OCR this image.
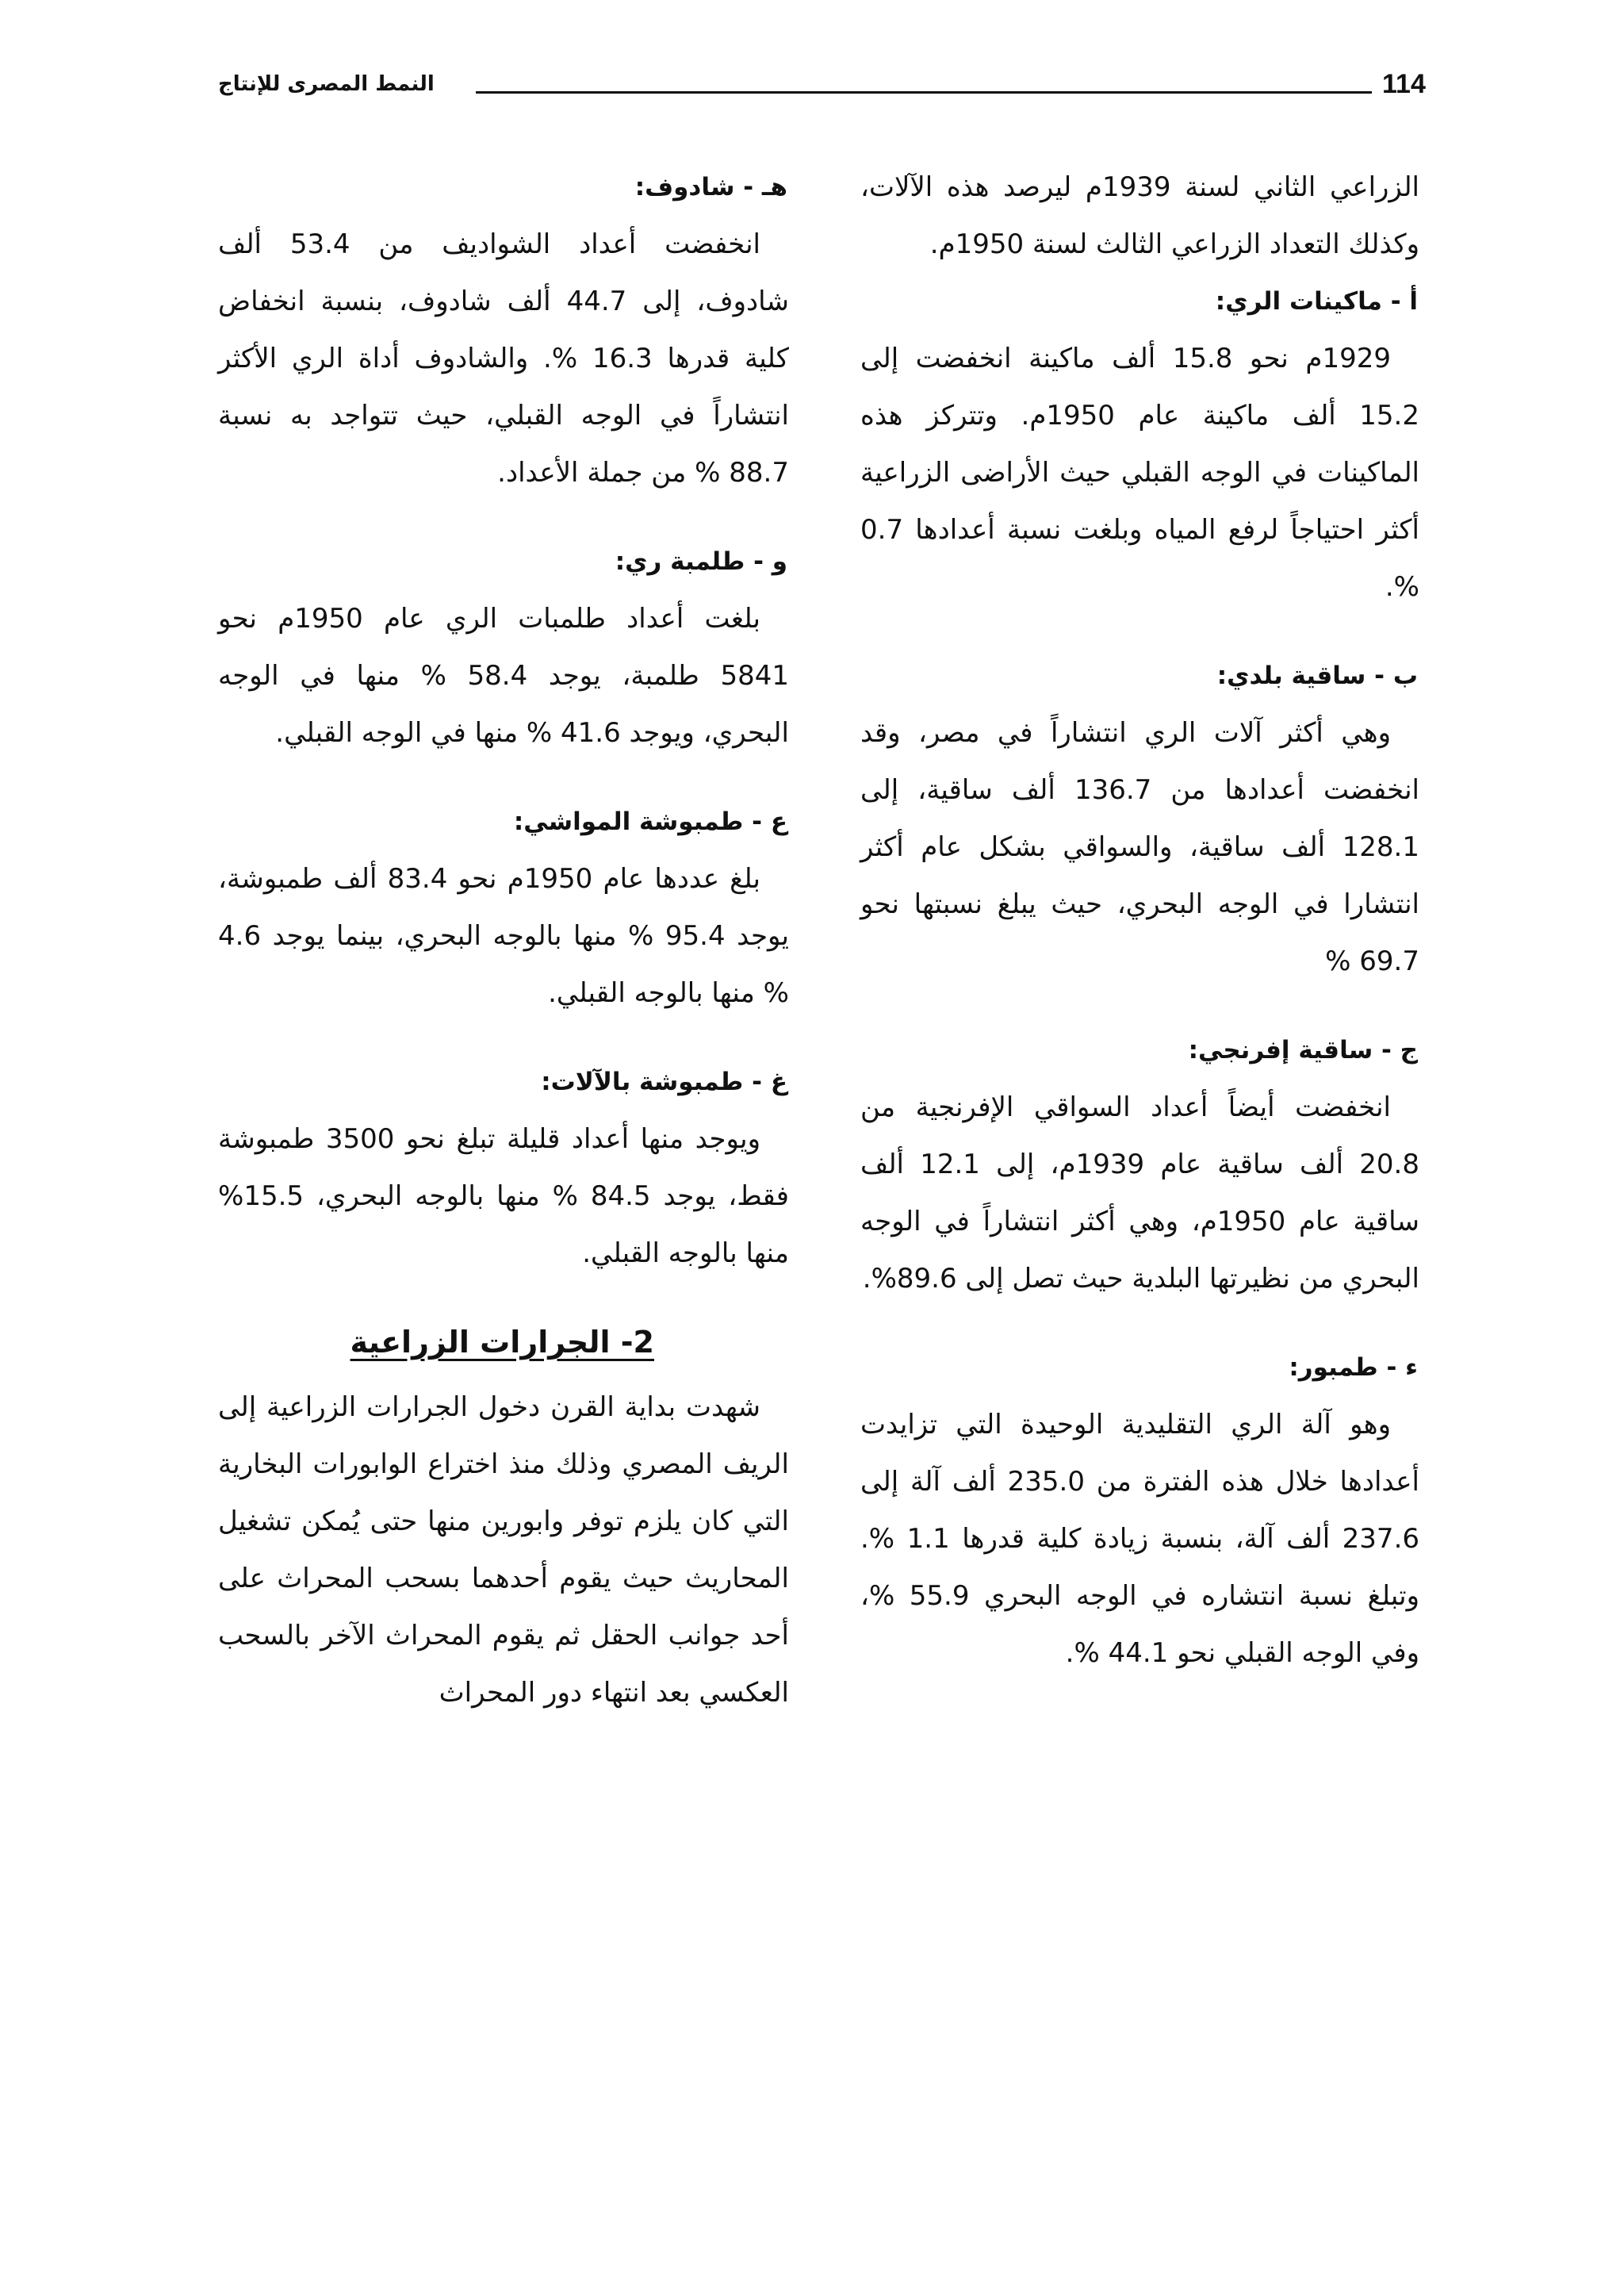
114
النمط المصرى للإنتاج

الزراعي الثاني لسنة 1939م ليرصد هذه الآلات، وكذلك التعداد الزراعي الثالث لسنة 1950م.

أ - ماكينات الري:

1929م نحو 15.8 ألف ماكينة انخفضت إلى 15.2 ألف ماكينة عام 1950م. وتتركز هذه الماكينات في الوجه القبلي حيث الأراضى الزراعية أكثر احتياجاً لرفع المياه وبلغت نسبة أعدادها 0.7 %.

ب - ساقية بلدي:

وهي أكثر آلات الري انتشاراً في مصر، وقد انخفضت أعدادها من 136.7 ألف ساقية، إلى 128.1 ألف ساقية، والسواقي بشكل عام أكثر انتشارا في الوجه البحري، حيث يبلغ نسبتها نحو 69.7 %

ج - ساقية إفرنجي:

انخفضت أيضاً أعداد السواقي الإفرنجية من 20.8 ألف ساقية عام 1939م، إلى 12.1 ألف ساقية عام 1950م، وهي أكثر انتشاراً في الوجه البحري من نظيرتها البلدية حيث تصل إلى 89.6%.

ء - طمبور:

وهو آلة الري التقليدية الوحيدة التي تزايدت أعدادها خلال هذه الفترة من 235.0 ألف آلة إلى 237.6 ألف آلة، بنسبة زيادة كلية قدرها 1.1 %. وتبلغ نسبة انتشاره في الوجه البحري 55.9 %، وفي الوجه القبلي نحو 44.1 %.

هـ - شادوف:

انخفضت أعداد الشواديف من 53.4 ألف شادوف، إلى 44.7 ألف شادوف، بنسبة انخفاض كلية قدرها 16.3 %. والشادوف أداة الري الأكثر انتشاراً في الوجه القبلي، حيث تتواجد به نسبة 88.7 % من جملة الأعداد.

و - طلمبة ري:

بلغت أعداد طلمبات الري عام 1950م نحو 5841 طلمبة، يوجد 58.4 % منها في الوجه البحري، ويوجد 41.6 % منها في الوجه القبلي.

ع - طمبوشة المواشي:

بلغ عددها عام 1950م نحو 83.4 ألف طمبوشة، يوجد 95.4 % منها بالوجه البحري، بينما يوجد 4.6 % منها بالوجه القبلي.

غ - طمبوشة بالآلات:

ويوجد منها أعداد قليلة تبلغ نحو 3500 طمبوشة فقط، يوجد 84.5 % منها بالوجه البحري، 15.5% منها بالوجه القبلي.

2- الجرارات الزراعية

شهدت بداية القرن دخول الجرارات الزراعية إلى الريف المصري وذلك منذ اختراع الوابورات البخارية التي كان يلزم توفر وابورين منها حتى يُمكن تشغيل المحاريث حيث يقوم أحدهما بسحب المحراث على أحد جوانب الحقل ثم يقوم المحراث الآخر بالسحب العكسي بعد انتهاء دور المحراث
